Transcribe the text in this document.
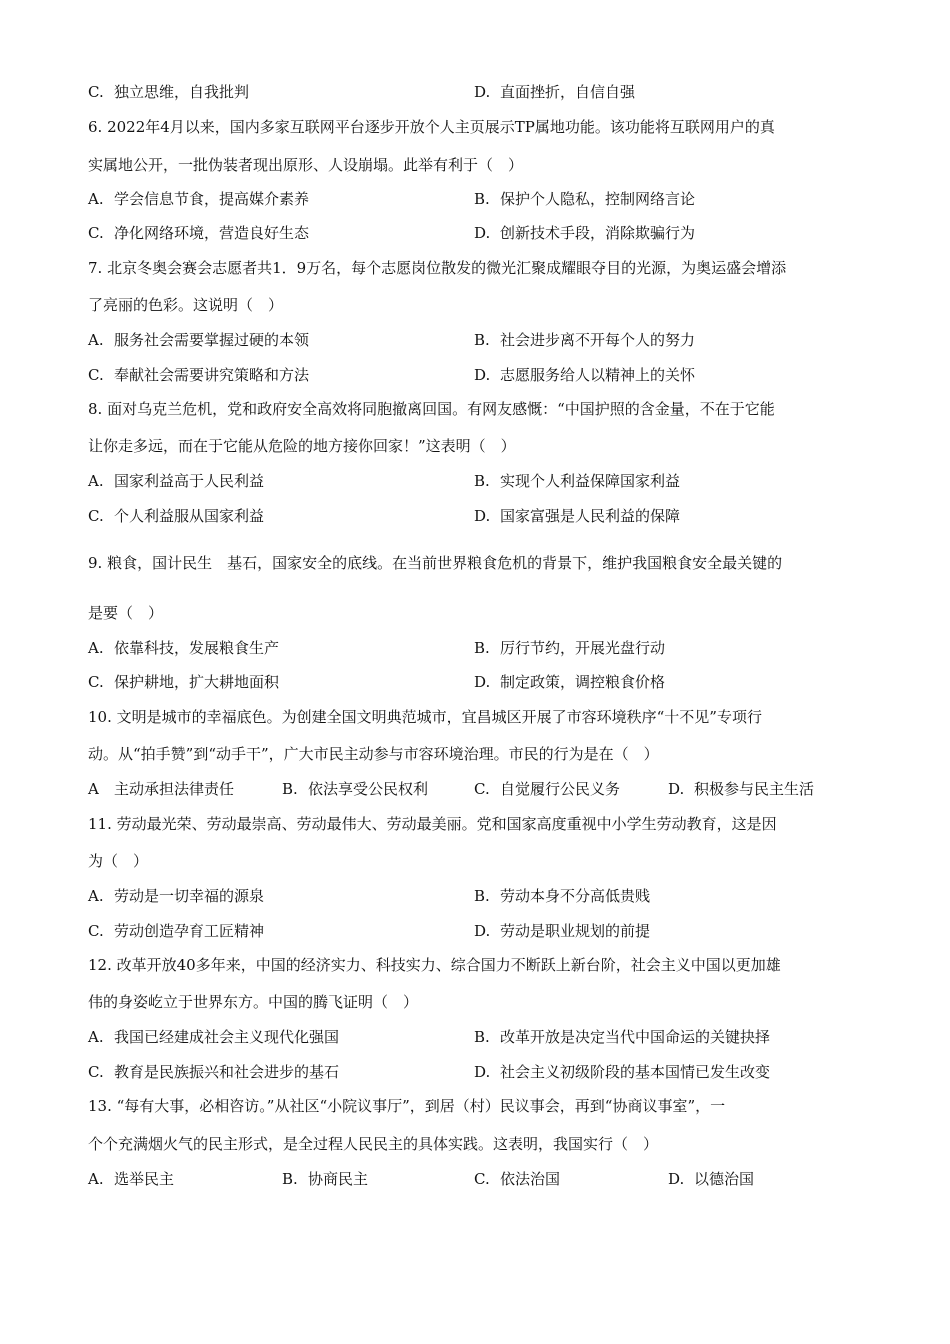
C. 独立思维，自我批判	D. 直面挫折，自信自强
6. 2022年4月以来，国内多家互联网平台逐步开放个人主页展示TP属地功能。该功能将互联网用户的真
实属地公开，一批伪装者现出原形、人设崩塌。此举有利于（　）
A. 学会信息节食，提高媒介素养	B. 保护个人隐私，控制网络言论
C. 净化网络环境，营造良好生态	D. 创新技术手段，消除欺骗行为
7. 北京冬奥会赛会志愿者共1．9万名，每个志愿岗位散发的微光汇聚成耀眼夺目的光源，为奥运盛会增添
了亮丽的色彩。这说明（　）
A. 服务社会需要掌握过硬的本领	B. 社会进步离不开每个人的努力
C. 奉献社会需要讲究策略和方法	D. 志愿服务给人以精神上的关怀
8. 面对乌克兰危机，党和政府安全高效将同胞撤离回国。有网友感慨：“中国护照的含金量，不在于它能
让你走多远，而在于它能从危险的地方接你回家！”这表明（　）
A. 国家利益高于人民利益	B. 实现个人利益保障国家利益
C. 个人利益服从国家利益	D. 国家富强是人民利益的保障
9. 粮食，国计民生　基石，国家安全的底线。在当前世界粮食危机的背景下，维护我国粮食安全最关键的
是要（　）
A. 依靠科技，发展粮食生产	B. 厉行节约，开展光盘行动
C. 保护耕地，扩大耕地面积	D. 制定政策，调控粮食价格
10. 文明是城市的幸福底色。为创建全国文明典范城市，宜昌城区开展了市容环境秩序“十不见”专项行
动。从“拍手赞”到“动手干”，广大市民主动参与市容环境治理。市民的行为是在（　）
A 主动承担法律责任	B. 依法享受公民权利	C. 自觉履行公民义务	D. 积极参与民主生活
11. 劳动最光荣、劳动最崇高、劳动最伟大、劳动最美丽。党和国家高度重视中小学生劳动教育，这是因
为（　）
A. 劳动是一切幸福的源泉	B. 劳动本身不分高低贵贱
C. 劳动创造孕育工匠精神	D. 劳动是职业规划的前提
12. 改革开放40多年来，中国的经济实力、科技实力、综合国力不断跃上新台阶，社会主义中国以更加雄
伟的身姿屹立于世界东方。中国的腾飞证明（　）
A. 我国已经建成社会主义现代化强国	B. 改革开放是决定当代中国命运的关键抉择
C. 教育是民族振兴和社会进步的基石	D. 社会主义初级阶段的基本国情已发生改变
13. “每有大事，必相咨访。”从社区“小院议事厅”，到居（村）民议事会，再到“协商议事室”，一
个个充满烟火气的民主形式，是全过程人民民主的具体实践。这表明，我国实行（　）
A. 选举民主	B. 协商民主	C. 依法治国	D. 以德治国
